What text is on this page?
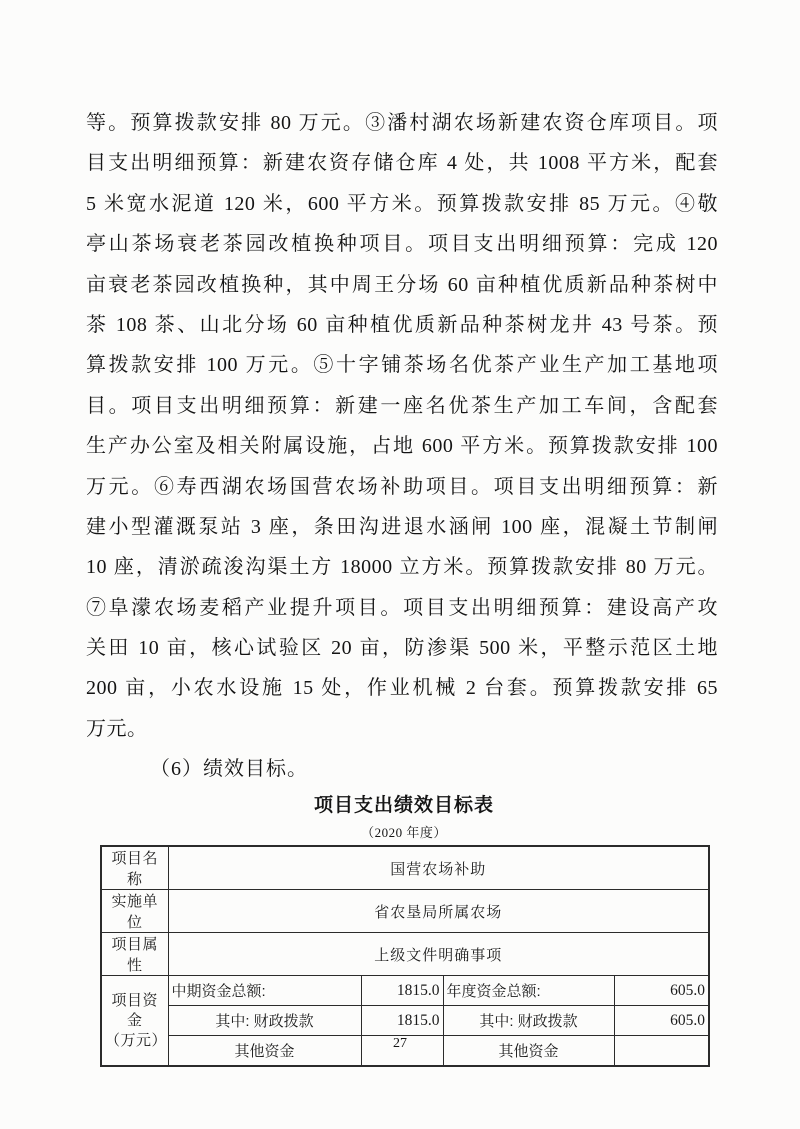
等。预算拨款安排 80 万元。③潘村湖农场新建农资仓库项目。项
目支出明细预算：新建农资存储仓库 4 处，共 1008 平方米，配套
5 米宽水泥道 120 米，600 平方米。预算拨款安排 85 万元。④敬
亭山茶场衰老茶园改植换种项目。项目支出明细预算：完成 120
亩衰老茶园改植换种，其中周王分场 60 亩种植优质新品种茶树中
茶 108 茶、山北分场 60 亩种植优质新品种茶树龙井 43 号茶。预
算拨款安排 100 万元。⑤十字铺茶场名优茶产业生产加工基地项
目。项目支出明细预算：新建一座名优茶生产加工车间，含配套
生产办公室及相关附属设施，占地 600 平方米。预算拨款安排 100
万元。⑥寿西湖农场国营农场补助项目。项目支出明细预算：新
建小型灌溉泵站 3 座，条田沟进退水涵闸 100 座，混凝土节制闸
10 座，清淤疏浚沟渠土方 18000 立方米。预算拨款安排 80 万元。
⑦阜濛农场麦稻产业提升项目。项目支出明细预算：建设高产攻
关田 10 亩，核心试验区 20 亩，防渗渠 500 米，平整示范区土地
200 亩，小农水设施 15 处，作业机械 2 台套。预算拨款安排 65
万元。
（6）绩效目标。
项目支出绩效目标表
（2020 年度）
项目名称	国营农场补助			
实施单位	省农垦局所属农场			
项目属性	上级文件明确事项			
项目资金
（万元）	中期资金总额:	1815.0	年度资金总额:	605.0
	其中: 财政拨款	1815.0	其中: 财政拨款	605.0
	其他资金		其他资金	
27
